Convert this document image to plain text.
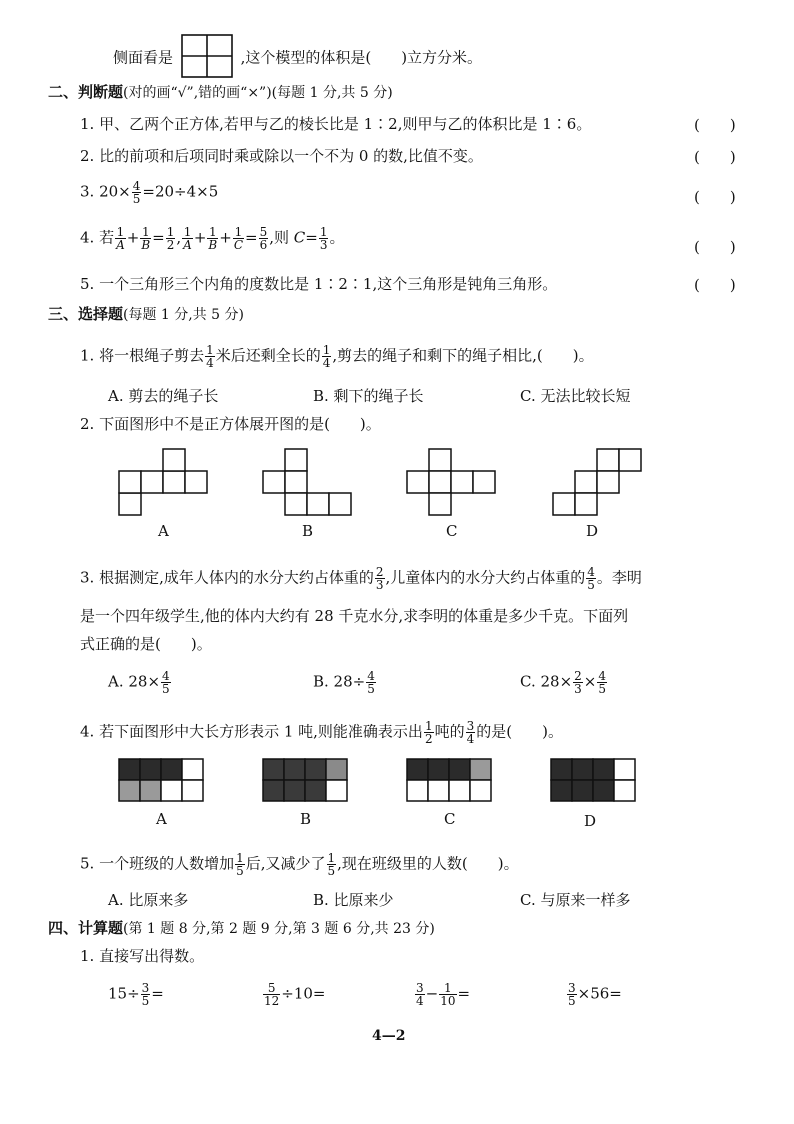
侧面看是	,这个模型的体积是(　　)立方分米。
二、判断题(对的画“√”,错的画“×”)(每题 1 分,共 5 分)
1. 甲、乙两个正方体,若甲与乙的棱长比是 1∶2,则甲与乙的体积比是 1∶6。	(　　)
2. 比的前项和后项同时乘或除以一个不为 0 的数,比值不变。	(　　)
3. $20\times \frac{4}{5} =20\div 4\times 5$	(　　)
4. 若 $\frac{1}{A} + \frac{1}{B} = \frac{1}{2}$ , $\frac{1}{A} + \frac{1}{B} + \frac{1}{C} = \frac{5}{6}$ ,则 $C= \frac{1}{3}$ 。
(　　)
5. 一个三角形三个内角的度数比是 1∶2∶1,这个三角形是钝角三角形。	(　　)
三、选择题(每题 1 分,共 5 分)
1. 将一根绳子剪去 $\frac{1}{4}$ 米后还剩全长的 $\frac{1}{4}$ ,剪去的绳子和剩下的绳子相比,(　　)。
A. 剪去的绳子长	B. 剩下的绳子长	C. 无法比较长短
2. 下面图形中不是正方体展开图的是(　　)。
A	B	C	D
3. 根据测定,成年人体内的水分大约占体重的 $\frac{2}{3}$ ,儿童体内的水分大约占体重的 $\frac{4}{5}$ 。李明
是一个四年级学生,他的体内大约有 28 千克水分,求李明的体重是多少千克。下面列
式正确的是(　　)。
A. $28\times \frac{4}{5}$	B. $28\div \frac{4}{5}$	C. $28\times \frac{2}{3} \times \frac{4}{5}$
4. 若下面图形中大长方形表示 1 吨,则能准确表示出 $\frac{1}{2}$ 吨的 $\frac{3}{4}$ 的是(　　)。
A	B	C	D
5. 一个班级的人数增加 $\frac{1}{5}$ 后,又减少了 $\frac{1}{5}$ ,现在班级里的人数(　　)。
A. 比原来多	B. 比原来少	C. 与原来一样多
四、计算题(第 1 题 8 分,第 2 题 9 分,第 3 题 6 分,共 23 分)
1. 直接写出得数。
$15\div \frac{3}{5}$ =	$\frac{5}{12} \div 10=$	$\frac{3}{4} - \frac{1}{10}$ =	$\frac{3}{5} \times 56=$
4—2
